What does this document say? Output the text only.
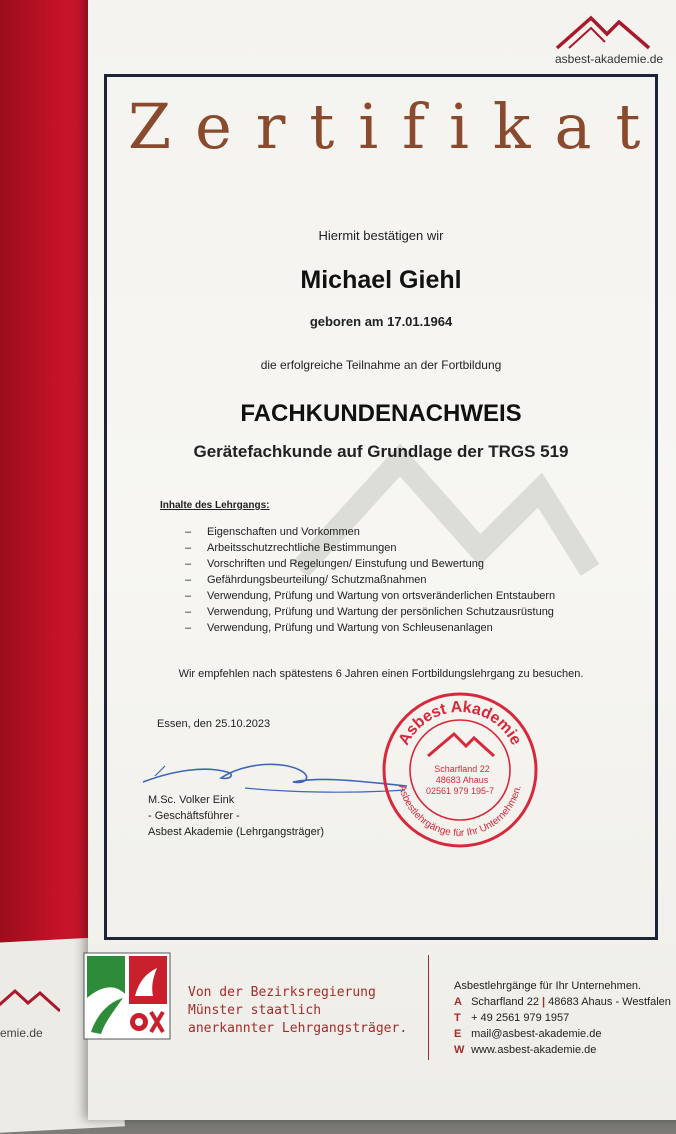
emie.de
asbest-akademie.de
Zertifikat
Hiermit bestätigen wir
Michael Giehl
geboren am 17.01.1964
die erfolgreiche Teilnahme an der Fortbildung
FACHKUNDENACHWEIS
Gerätefachkunde auf Grundlage der TRGS 519
Inhalte des Lehrgangs:
– Eigenschaften und Vorkommen
– Arbeitsschutzrechtliche Bestimmungen
– Vorschriften und Regelungen/ Einstufung und Bewertung
– Gefährdungsbeurteilung/ Schutzmaßnahmen
– Verwendung, Prüfung und Wartung von ortsveränderlichen Entstaubern
– Verwendung, Prüfung und Wartung der persönlichen Schutzausrüstung
– Verwendung, Prüfung und Wartung von Schleusenanlagen
Wir empfehlen nach spätestens 6 Jahren einen Fortbildungslehrgang zu besuchen.
Essen, den 25.10.2023
M.Sc. Volker Eink
- Geschäftsführer -
Asbest Akademie (Lehrgangsträger)
Asbest Akademie
Asbestlehrgänge für Ihr Unternehmen.
Scharfland 22
48683 Ahaus
02561 979 195-7
Von der Bezirksregierung
Münster staatlich
anerkannter Lehrgangsträger.
Asbestlehrgänge für Ihr Unternehmen.
A Scharfland 22 | 48683 Ahaus - Westfalen
T + 49 2561 979 1957
E mail@asbest-akademie.de
W www.asbest-akademie.de
